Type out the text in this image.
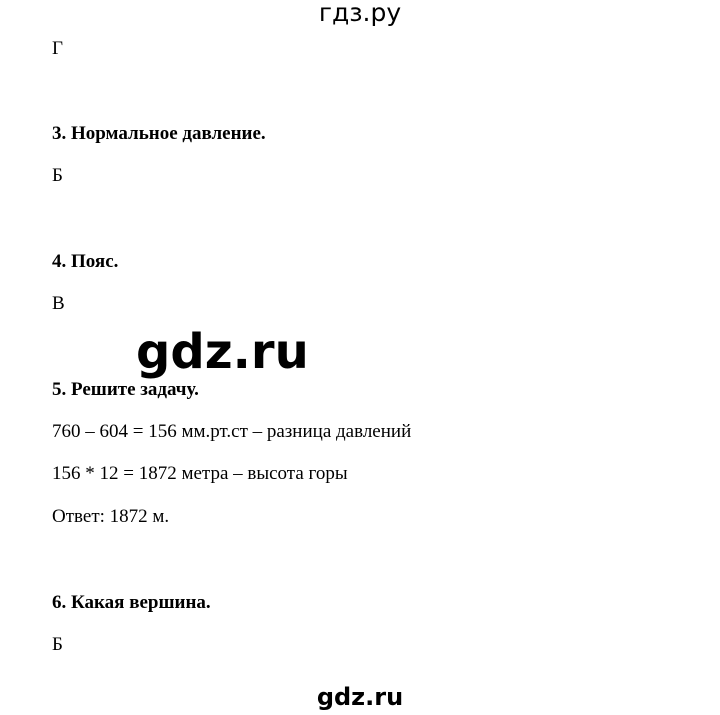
гдз.ру
Г
3. Нормальное давление.
Б
4. Пояс.
В
gdz.ru
5. Решите задачу.
760 – 604 = 156 мм.рт.ст – разница давлений
156 * 12 = 1872 метра – высота горы
Ответ: 1872 м.
6. Какая вершина.
Б
gdz.ru
